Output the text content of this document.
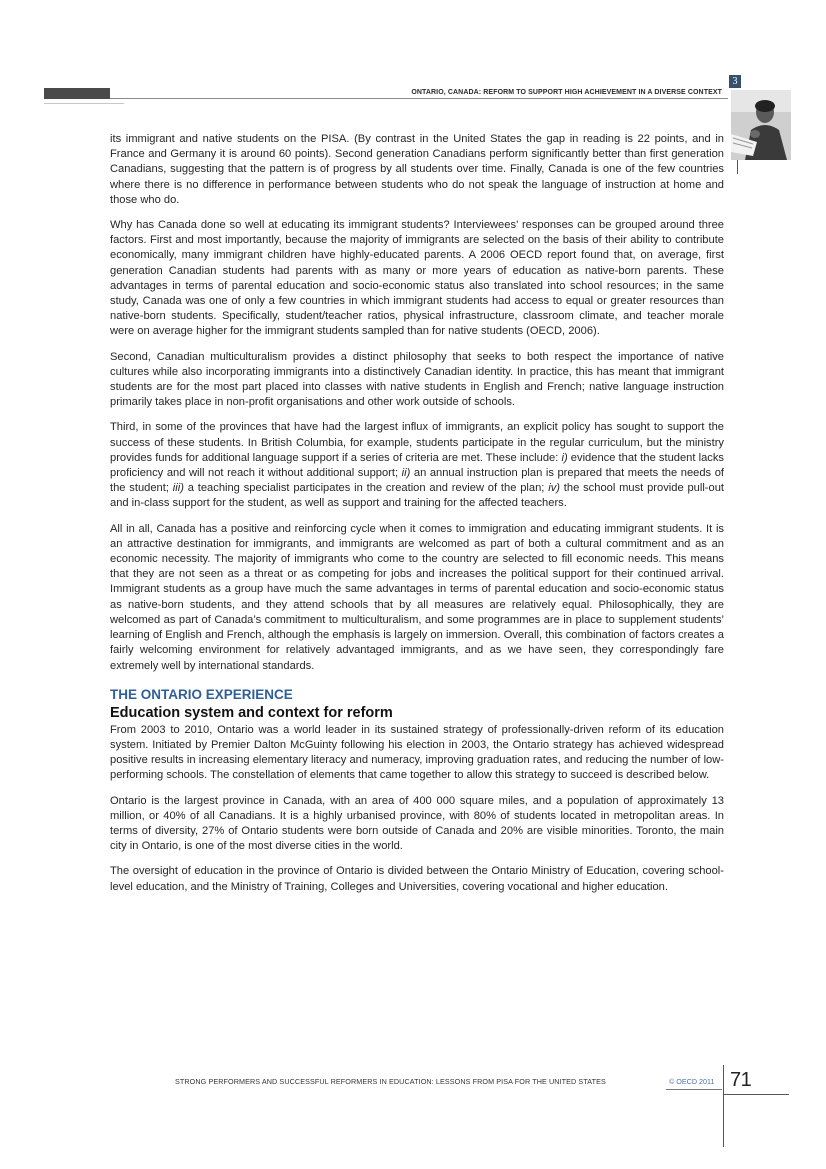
ONTARIO, CANADA: REFORM TO SUPPORT HIGH ACHIEVEMENT IN A DIVERSE CONTEXT
3

its immigrant and native students on the PISA. (By contrast in the United States the gap in reading is 22 points, and in France and Germany it is around 60 points). Second generation Canadians perform significantly better than first generation Canadians, suggesting that the pattern is of progress by all students over time. Finally, Canada is one of the few countries where there is no difference in performance between students who do not speak the language of instruction at home and those who do.

Why has Canada done so well at educating its immigrant students? Interviewees’ responses can be grouped around three factors. First and most importantly, because the majority of immigrants are selected on the basis of their ability to contribute economically, many immigrant children have highly-educated parents. A 2006 OECD report found that, on average, first generation Canadian students had parents with as many or more years of education as native-born parents. These advantages in terms of parental education and socio-economic status also translated into school resources; in the same study, Canada was one of only a few countries in which immigrant students had access to equal or greater resources than native-born students. Specifically, student/teacher ratios, physical infrastructure, classroom climate, and teacher morale were on average higher for the immigrant students sampled than for native students (OECD, 2006).

Second, Canadian multiculturalism provides a distinct philosophy that seeks to both respect the importance of native cultures while also incorporating immigrants into a distinctively Canadian identity. In practice, this has meant that immigrant students are for the most part placed into classes with native students in English and French; native language instruction primarily takes place in non-profit organisations and other work outside of schools.

Third, in some of the provinces that have had the largest influx of immigrants, an explicit policy has sought to support the success of these students. In British Columbia, for example, students participate in the regular curriculum, but the ministry provides funds for additional language support if a series of criteria are met. These include: i) evidence that the student lacks proficiency and will not reach it without additional support; ii) an annual instruction plan is prepared that meets the needs of the student; iii) a teaching specialist participates in the creation and review of the plan; iv) the school must provide pull-out and in-class support for the student, as well as support and training for the affected teachers.

All in all, Canada has a positive and reinforcing cycle when it comes to immigration and educating immigrant students. It is an attractive destination for immigrants, and immigrants are welcomed as part of both a cultural commitment and as an economic necessity. The majority of immigrants who come to the country are selected to fill economic needs. This means that they are not seen as a threat or as competing for jobs and increases the political support for their continued arrival. Immigrant students as a group have much the same advantages in terms of parental education and socio-economic status as native-born students, and they attend schools that by all measures are relatively equal. Philosophically, they are welcomed as part of Canada’s commitment to multiculturalism, and some programmes are in place to supplement students’ learning of English and French, although the emphasis is largely on immersion. Overall, this combination of factors creates a fairly welcoming environment for relatively advantaged immigrants, and as we have seen, they correspondingly fare extremely well by international standards.

THE ONTARIO EXPERIENCE
Education system and context for reform

From 2003 to 2010, Ontario was a world leader in its sustained strategy of professionally-driven reform of its education system. Initiated by Premier Dalton McGuinty following his election in 2003, the Ontario strategy has achieved widespread positive results in increasing elementary literacy and numeracy, improving graduation rates, and reducing the number of low-performing schools. The constellation of elements that came together to allow this strategy to succeed is described below.

Ontario is the largest province in Canada, with an area of 400 000 square miles, and a population of approximately 13 million, or 40% of all Canadians. It is a highly urbanised province, with 80% of students located in metropolitan areas. In terms of diversity, 27% of Ontario students were born outside of Canada and 20% are visible minorities. Toronto, the main city in Ontario, is one of the most diverse cities in the world.

The oversight of education in the province of Ontario is divided between the Ontario Ministry of Education, covering school-level education, and the Ministry of Training, Colleges and Universities, covering vocational and higher education.

STRONG PERFORMERS AND SUCCESSFUL REFORMERS IN EDUCATION: LESSONS FROM PISA FOR THE UNITED STATES	© OECD 2011 71
